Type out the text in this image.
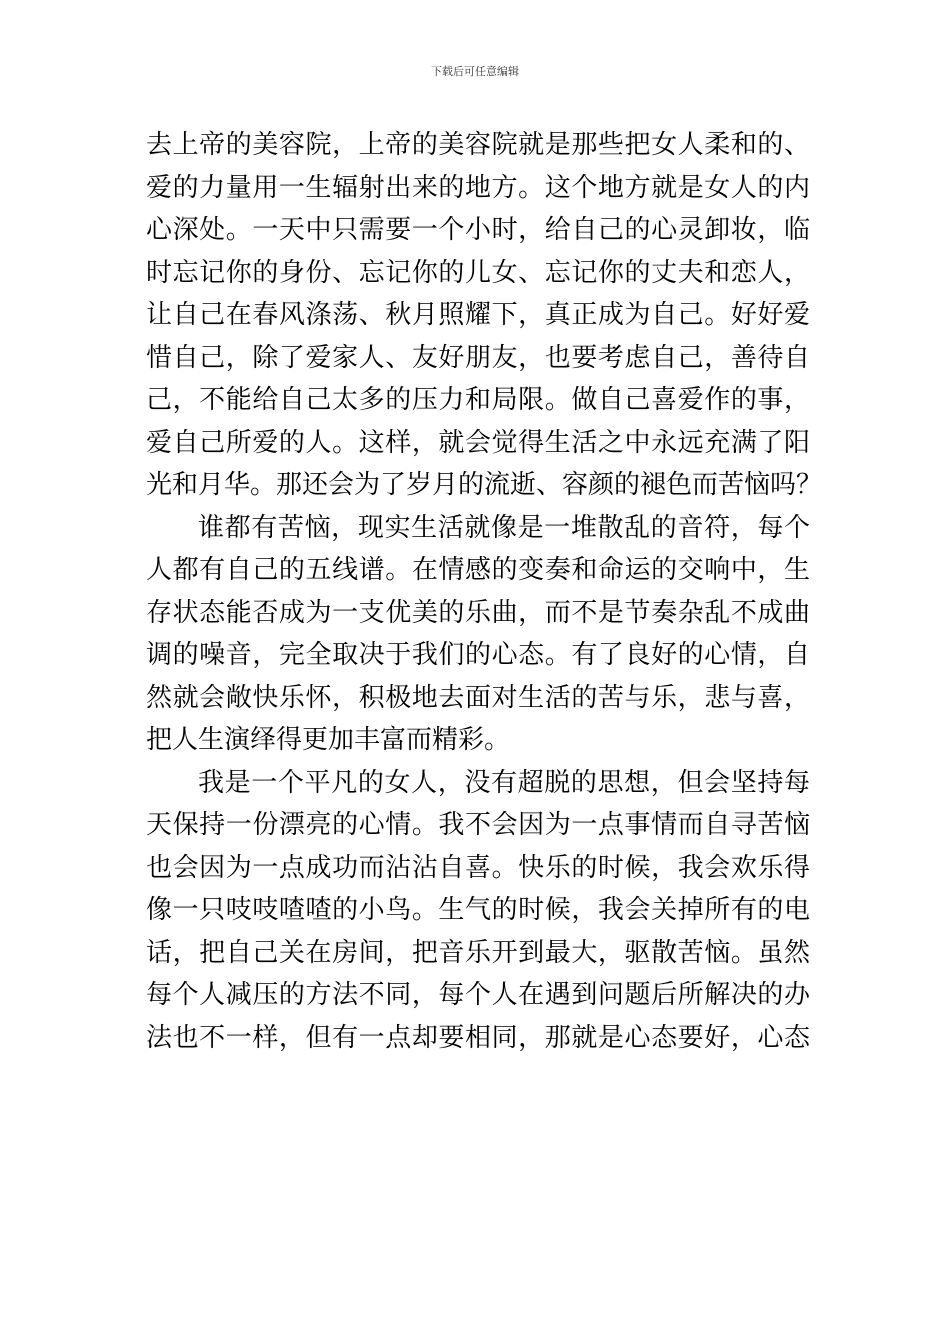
下载后可任意编辑
去上帝的美容院，上帝的美容院就是那些把女人柔和的、
爱的力量用一生辐射出来的地方。这个地方就是女人的内
心深处。一天中只需要一个小时，给自己的心灵卸妆，临
时忘记你的身份、忘记你的儿女、忘记你的丈夫和恋人，
让自己在春风涤荡、秋月照耀下，真正成为自己。好好爱
惜自己，除了爱家人、友好朋友，也要考虑自己，善待自
己，不能给自己太多的压力和局限。做自己喜爱作的事，
爱自己所爱的人。这样，就会觉得生活之中永远充满了阳
光和月华。那还会为了岁月的流逝、容颜的褪色而苦恼吗？
谁都有苦恼，现实生活就像是一堆散乱的音符，每个
人都有自己的五线谱。在情感的变奏和命运的交响中，生
存状态能否成为一支优美的乐曲，而不是节奏杂乱不成曲
调的噪音，完全取决于我们的心态。有了良好的心情，自
然就会敞快乐怀，积极地去面对生活的苦与乐，悲与喜，
把人生演绎得更加丰富而精彩。
我是一个平凡的女人，没有超脱的思想，但会坚持每
天保持一份漂亮的心情。我不会因为一点事情而自寻苦恼
也会因为一点成功而沾沾自喜。快乐的时候，我会欢乐得
像一只吱吱喳喳的小鸟。生气的时候，我会关掉所有的电
话，把自己关在房间，把音乐开到最大，驱散苦恼。虽然
每个人减压的方法不同，每个人在遇到问题后所解决的办
法也不一样，但有一点却要相同，那就是心态要好，心态
